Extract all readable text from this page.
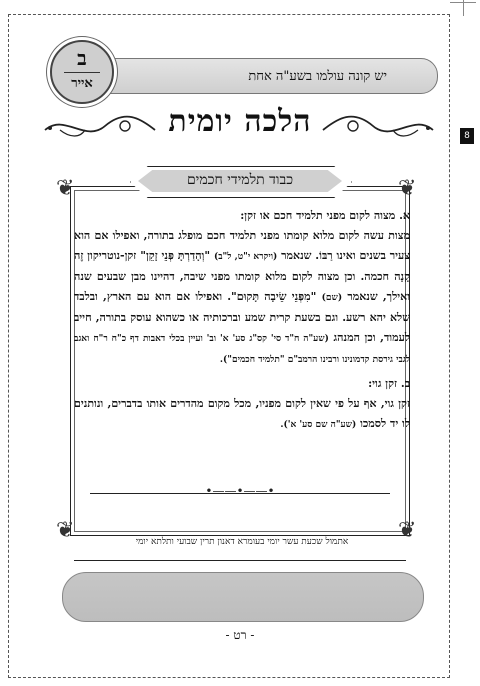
8
יש קונה עולמו בשע"ה אחת
ב
אייר
הלכה יומית
❦	❦
❦	❦
כבוד תלמידי חכמים

א. מצוה לקום מפני תלמיד חכם או זקן:
מצות עשה לקום מלוא קומתו מפני תלמיד חכם מופלג בתורה, ואפילו אם הוא צעיר בשנים ואינו רַבּוֹ. שנאמר (ויקרא י"ט, ל"ב) "וְהָדַרְתָּ פְּנֵי זָקֵן" זקן-נוטריקון זֶה קָנָה חכמה. וכן מצוה לקום מלוא קומתו מפני שיבה, דהיינו מבן שבעים שנה ואילך, שנאמר (שם) "מִפְּנֵי שֵׂיבָה תָּקוּם". ואפילו אם הוא עם הארץ, ובלבד שלא יהא רשע. וגם בשעת קרית שמע וברכותיה או כשהוא עוסק בתורה, חייב לעמוד, וכן המנהג (שע"ה ח"ד סי' קס"ג סע' א' וב' ועיין בכלי דאבות דף כ"ח ר"ח ואגב לגבי גירסת קדמונינו ורבינו הרמב"ם "תלמיד חכמים").

ב. זקן גוי:
זקן גוי, אף על פי שאין לקום מפניו, מכל מקום מהדרים אותו בדברים, ונותנים לו יד לסמכו (שע"ה שם סע' א').

•——•——•
אתמול שכעת עשר יומי בעומרא דאנון תרין שבועי ותלתא יומי
- רט -
